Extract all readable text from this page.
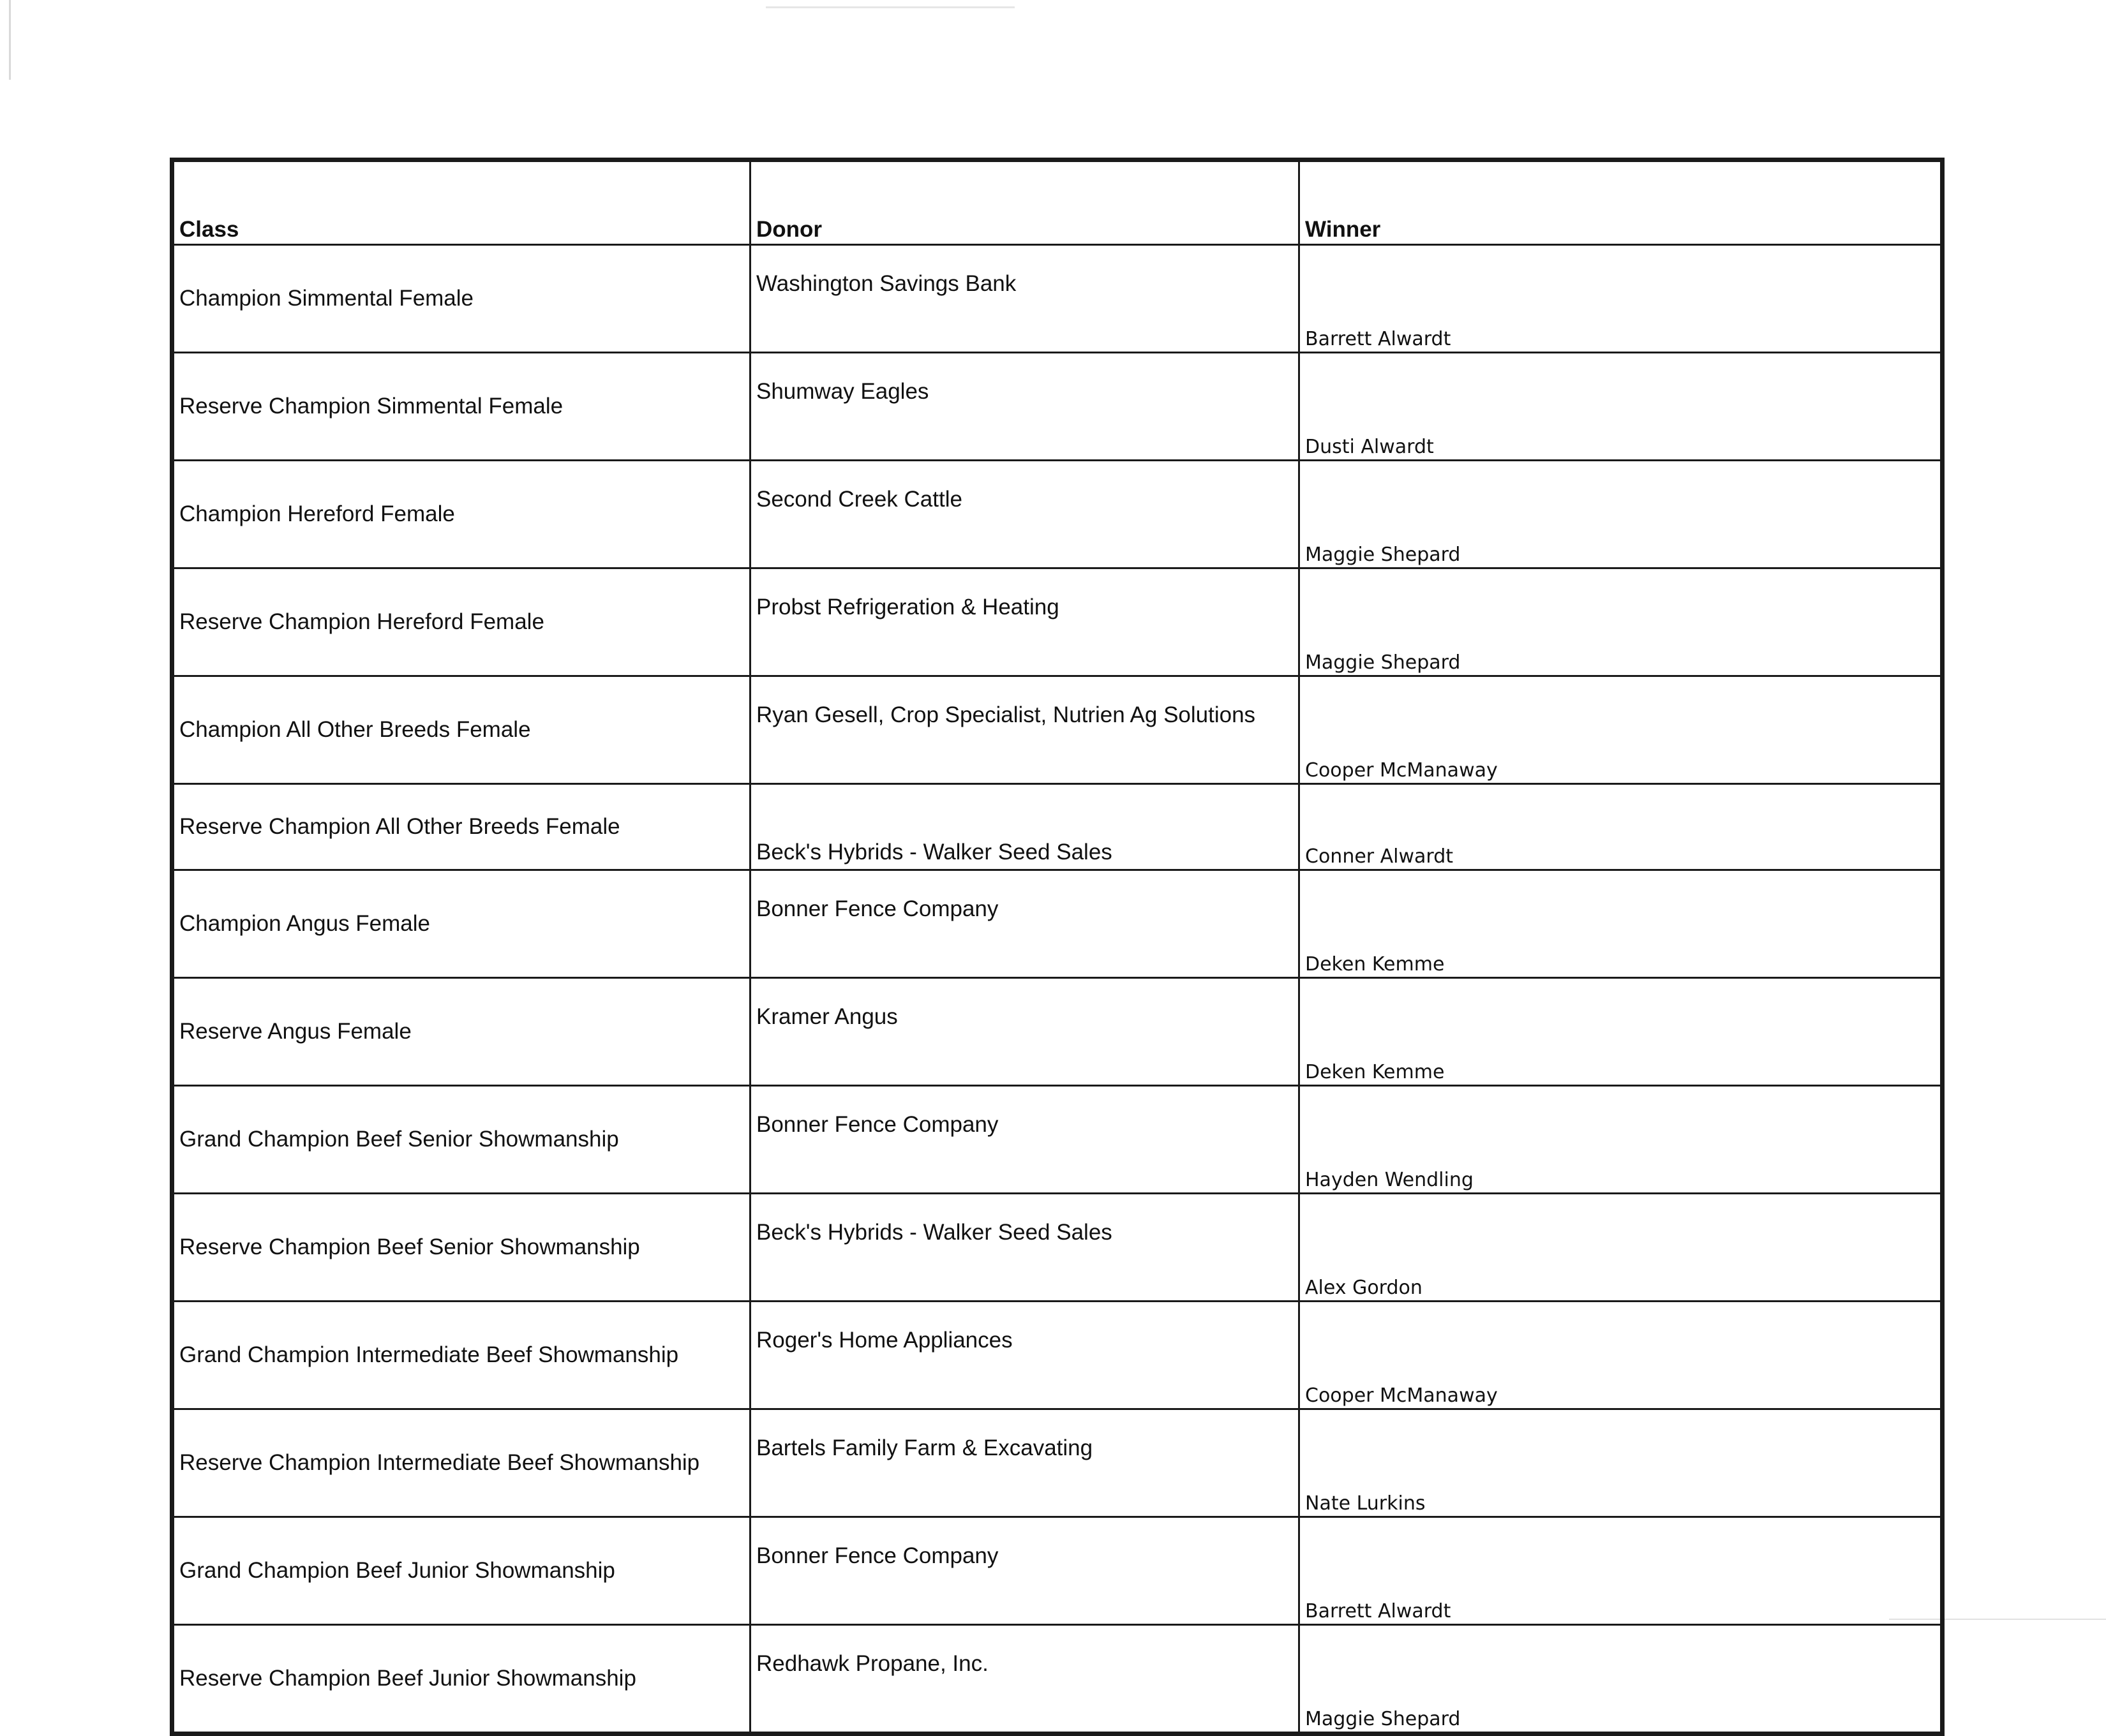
Class	Donor	Winner
Champion Simmental Female	Washington Savings Bank	Barrett Alwardt
Reserve Champion Simmental Female	Shumway Eagles	Dusti Alwardt
Champion Hereford Female	Second Creek Cattle	Maggie Shepard
Reserve Champion Hereford Female	Probst Refrigeration & Heating	Maggie Shepard
Champion All Other Breeds Female	Ryan Gesell, Crop Specialist, Nutrien Ag Solutions	Cooper McManaway
Reserve Champion All Other Breeds Female	Beck's Hybrids - Walker Seed Sales	Conner Alwardt
Champion Angus Female	Bonner Fence Company	Deken Kemme
Reserve Angus Female	Kramer Angus	Deken Kemme
Grand Champion Beef Senior Showmanship	Bonner Fence Company	Hayden Wendling
Reserve Champion Beef Senior Showmanship	Beck's Hybrids - Walker Seed Sales	Alex Gordon
Grand Champion Intermediate Beef Showmanship	Roger's Home Appliances	Cooper McManaway
Reserve Champion Intermediate Beef Showmanship	Bartels Family Farm & Excavating	Nate Lurkins
Grand Champion Beef Junior Showmanship	Bonner Fence Company	Barrett Alwardt
Reserve Champion Beef Junior Showmanship	Redhawk Propane, Inc.	Maggie Shepard
